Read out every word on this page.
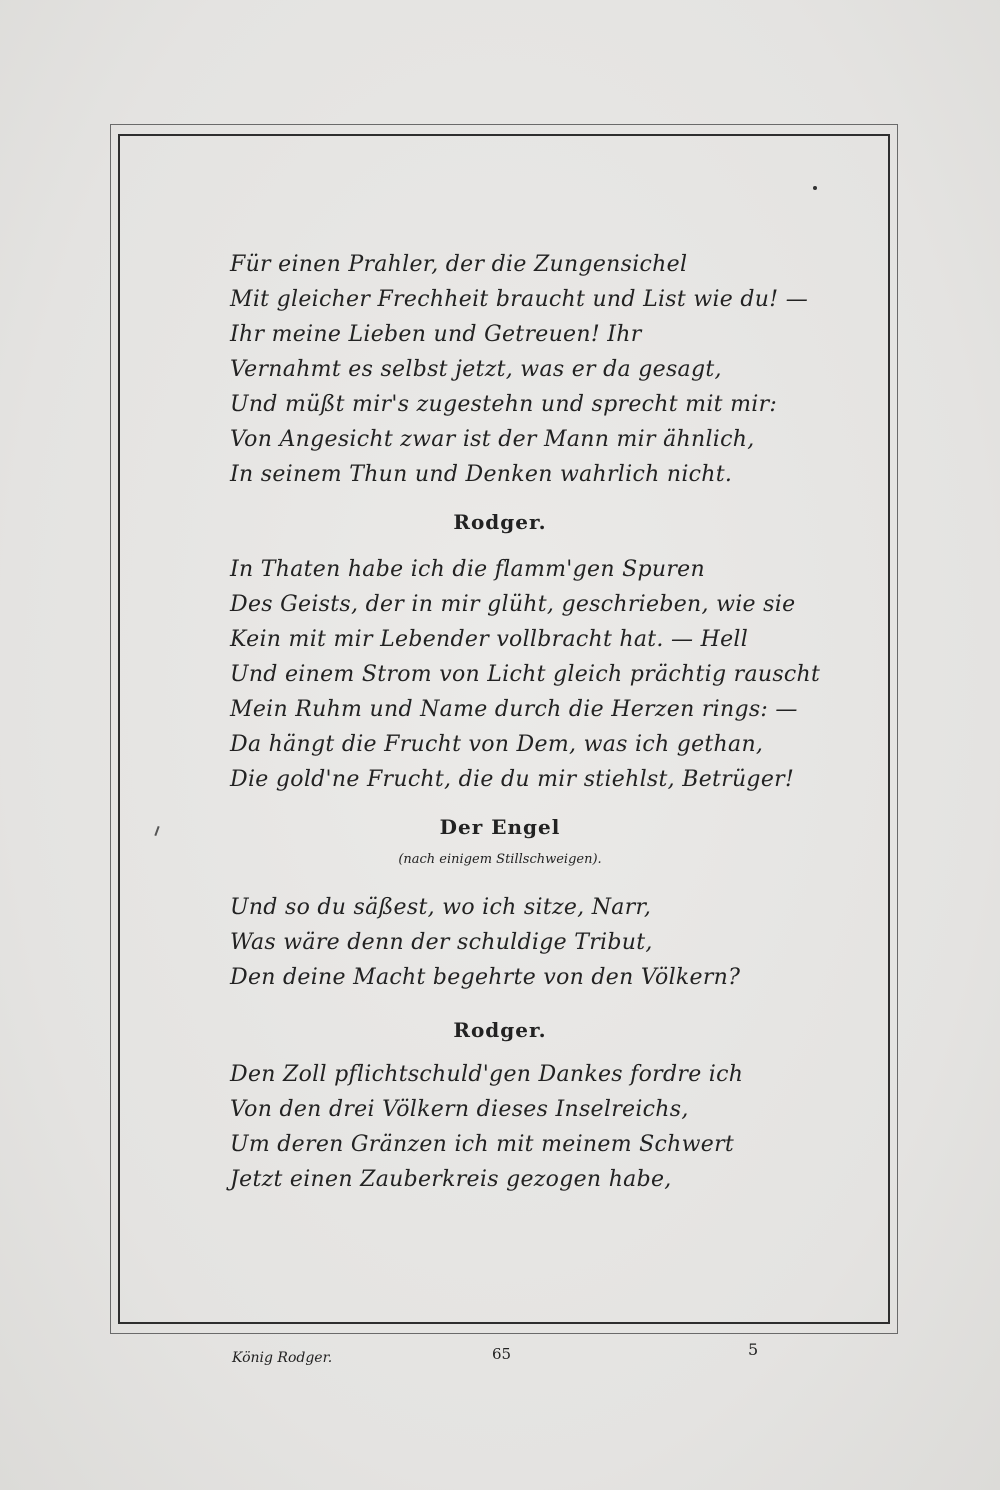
Für einen Prahler, der die Zungensichel
Mit gleicher Frechheit braucht und List wie du! —
Ihr meine Lieben und Getreuen! Ihr
Vernahmt es selbst jetzt, was er da gesagt,
Und müßt mir's zugestehn und sprecht mit mir:
Von Angesicht zwar ist der Mann mir ähnlich,
In seinem Thun und Denken wahrlich nicht.
Rodger.
In Thaten habe ich die flamm'gen Spuren
Des Geists, der in mir glüht, geschrieben, wie sie
Kein mit mir Lebender vollbracht hat. — Hell
Und einem Strom von Licht gleich prächtig rauscht
Mein Ruhm und Name durch die Herzen rings: —
Da hängt die Frucht von Dem, was ich gethan,
Die gold'ne Frucht, die du mir stiehlst, Betrüger!
Der Engel
(nach einigem Stillschweigen).
Und so du säßest, wo ich sitze, Narr,
Was wäre denn der schuldige Tribut,
Den deine Macht begehrte von den Völkern?
Rodger.
Den Zoll pflichtschuld'gen Dankes fordre ich
Von den drei Völkern dieses Inselreichs,
Um deren Gränzen ich mit meinem Schwert
Jetzt einen Zauberkreis gezogen habe,
König Rodger.	65	5
